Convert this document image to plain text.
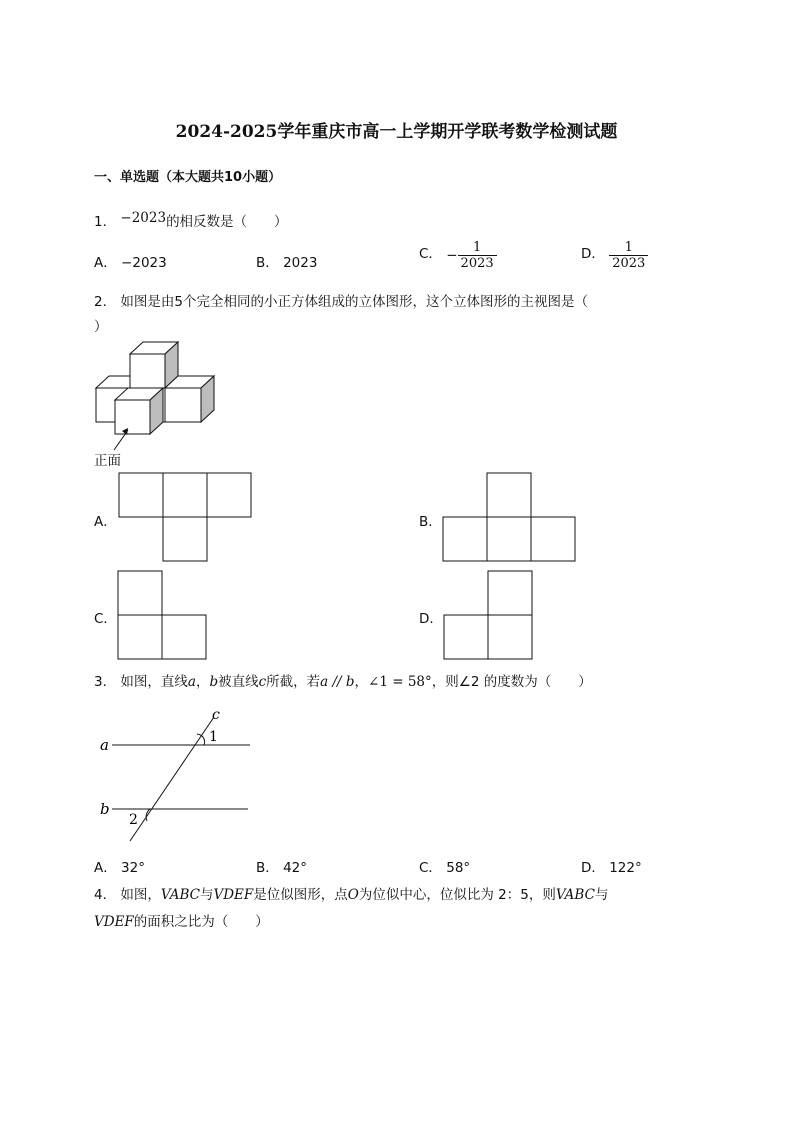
2024-2025学年重庆市高一上学期开学联考数学检测试题
一、单选题（本大题共10小题）
1． −2023的相反数是（　　）
A． −2023	B． 2023
C． − $\frac{1}{2023}$	D． $\frac{1}{2023}$
2． 如图是由5个完全相同的小正方体组成的立体图形，这个立体图形的主视图是（
）
正面
A．	B．
C．	D．
3． 如图，直线a，b被直线c所截，若a // b，∠1 = 58°，则∠2 的度数为（　　）
a
b
c
1
2
A． 32°	B． 42°	C． 58°	D． 122°
4． 如图，VABC与VDEF是位似图形，点O为位似中心，位似比为 2：5，则VABC与
VDEF的面积之比为（　　）
